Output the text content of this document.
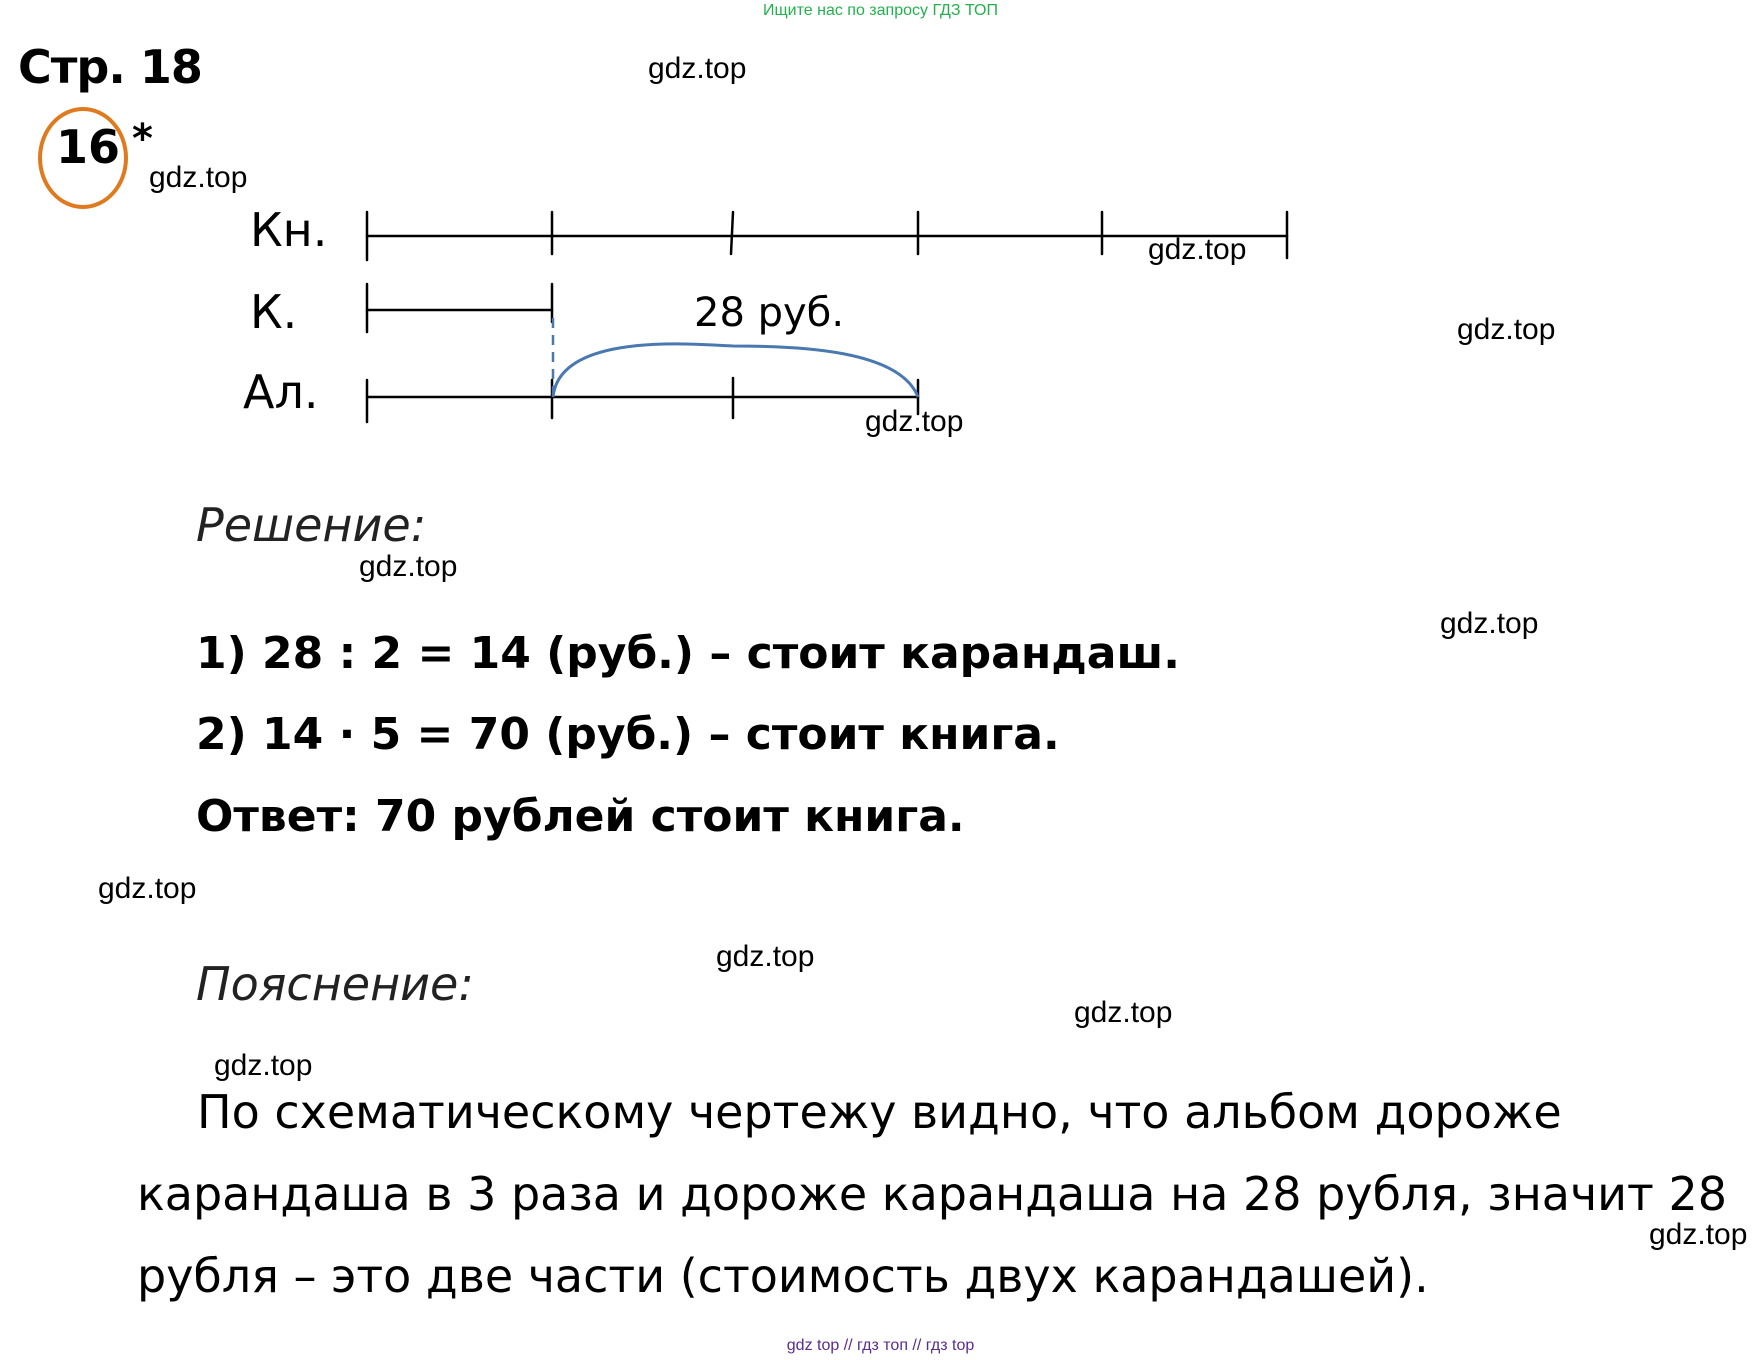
Ищите нас по запросу ГДЗ ТОП
Стр. 18
16 *
Кн.
К.
Ал.
28 руб.
Решение:
1) 28 : 2 = 14 (руб.) – стоит карандаш.
2) 14 · 5 = 70 (руб.) – стоит книга.
Ответ: 70 рублей стоит книга.
Пояснение:
По схематическому чертежу видно, что альбом дороже
карандаша в 3 раза и дороже карандаша на 28 рубля, значит 28
рубля – это две части (стоимость двух карандашей).
gdz.top
gdz.top
gdz.top
gdz.top
gdz.top
gdz.top
gdz.top
gdz.top
gdz.top
gdz.top
gdz.top
gdz.top
gdz top // гдз топ // гдз top
